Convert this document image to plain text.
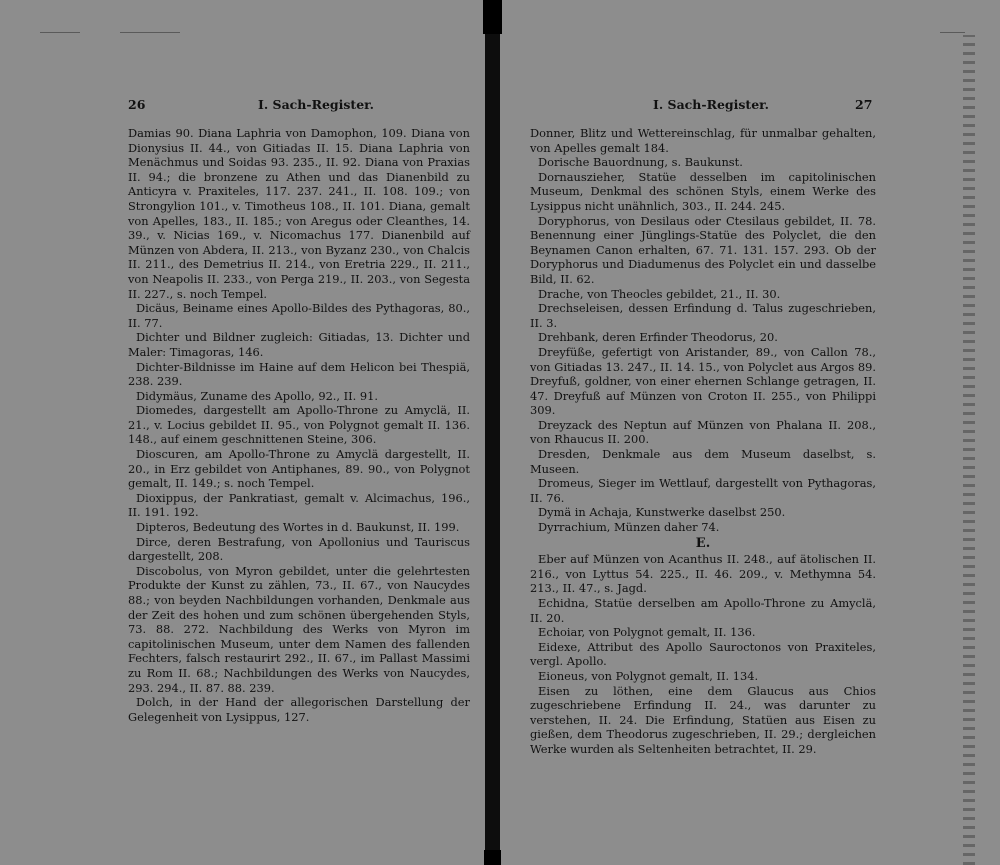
26	I. Sach-Register.

Damias 90. Diana Laphria von Damophon, 109. Diana von Dionysius II. 44., von Gitiadas II. 15. Diana Laphria von Menächmus und Soidas 93. 235., II. 92. Diana von Praxias II. 94.; die bronzene zu Athen und das Dianenbild zu Anticyra v. Praxiteles, 117. 237. 241., II. 108. 109.; von Strongylion 101., v. Timotheus 108., II. 101. Diana, gemalt von Apelles, 183., II. 185.; von Aregus oder Cleanthes, 14. 39., v. Nicias 169., v. Nicomachus 177. Dianenbild auf Münzen von Abdera, II. 213., von Byzanz 230., von Chalcis II. 211., des Demetrius II. 214., von Eretria 229., II. 211., von Neapolis II. 233., von Perga 219., II. 203., von Segesta II. 227., s. noch Tempel.

Dicäus, Beiname eines Apollo-Bildes des Pythagoras, 80., II. 77.

Dichter und Bildner zugleich: Gitiadas, 13. Dichter und Maler: Timagoras, 146.

Dichter-Bildnisse im Haine auf dem Helicon bei Thespiä, 238. 239.

Didymäus, Zuname des Apollo, 92., II. 91.

Diomedes, dargestellt am Apollo-Throne zu Amyclä, II. 21., v. Locius gebildet II. 95., von Polygnot gemalt II. 136. 148., auf einem geschnittenen Steine, 306.

Dioscuren, am Apollo-Throne zu Amyclä dargestellt, II. 20., in Erz gebildet von Antiphanes, 89. 90., von Polygnot gemalt, II. 149.; s. noch Tempel.

Dioxippus, der Pankratiast, gemalt v. Alcimachus, 196., II. 191. 192.

Dipteros, Bedeutung des Wortes in d. Baukunst, II. 199.

Dirce, deren Bestrafung, von Apollonius und Tauriscus dargestellt, 208.

Discobolus, von Myron gebildet, unter die gelehrtesten Produkte der Kunst zu zählen, 73., II. 67., von Naucydes 88.; von beyden Nachbildungen vorhanden, Denkmale aus der Zeit des hohen und zum schönen übergehenden Styls, 73. 88. 272. Nachbildung des Werks von Myron im capitolinischen Museum, unter dem Namen des fallenden Fechters, falsch restaurirt 292., II. 67., im Pallast Massimi zu Rom II. 68.; Nachbildungen des Werks von Naucydes, 293. 294., II. 87. 88. 239.

Dolch, in der Hand der allegorischen Darstellung der Gelegenheit von Lysippus, 127.

I. Sach-Register.	27

Donner, Blitz und Wettereinschlag, für unmalbar gehalten, von Apelles gemalt 184.

Dorische Bauordnung, s. Baukunst.

Dornauszieher, Statüe desselben im capitolinischen Museum, Denkmal des schönen Styls, einem Werke des Lysippus nicht unähnlich, 303., II. 244. 245.

Doryphorus, von Desilaus oder Ctesilaus gebildet, II. 78. Benennung einer Jünglings-Statüe des Polyclet, die den Beynamen Canon erhalten, 67. 71. 131. 157. 293. Ob der Doryphorus und Diadumenus des Polyclet ein und dasselbe Bild, II. 62.

Drache, von Theocles gebildet, 21., II. 30.

Drechseleisen, dessen Erfindung d. Talus zugeschrieben, II. 3.

Drehbank, deren Erfinder Theodorus, 20.

Dreyfüße, gefertigt von Aristander, 89., von Callon 78., von Gitiadas 13. 247., II. 14. 15., von Polyclet aus Argos 89. Dreyfuß, goldner, von einer ehernen Schlange getragen, II. 47. Dreyfuß auf Münzen von Croton II. 255., von Philippi 309.

Dreyzack des Neptun auf Münzen von Phalana II. 208., von Rhaucus II. 200.

Dresden, Denkmale aus dem Museum daselbst, s. Museen.

Dromeus, Sieger im Wettlauf, dargestellt von Pythagoras, II. 76.

Dymä in Achaja, Kunstwerke daselbst 250.

Dyrrachium, Münzen daher 74.

E.

Eber auf Münzen von Acanthus II. 248., auf ätolischen II. 216., von Lyttus 54. 225., II. 46. 209., v. Methymna 54. 213., II. 47., s. Jagd.

Echidna, Statüe derselben am Apollo-Throne zu Amyclä, II. 20.

Echoiar, von Polygnot gemalt, II. 136.

Eidexe, Attribut des Apollo Sauroctonos von Praxiteles, vergl. Apollo.

Eioneus, von Polygnot gemalt, II. 134.

Eisen zu löthen, eine dem Glaucus aus Chios zugeschriebene Erfindung II. 24., was darunter zu verstehen, II. 24. Die Erfindung, Statüen aus Eisen zu gießen, dem Theodorus zugeschrieben, II. 29.; dergleichen Werke wurden als Seltenheiten betrachtet, II. 29.
